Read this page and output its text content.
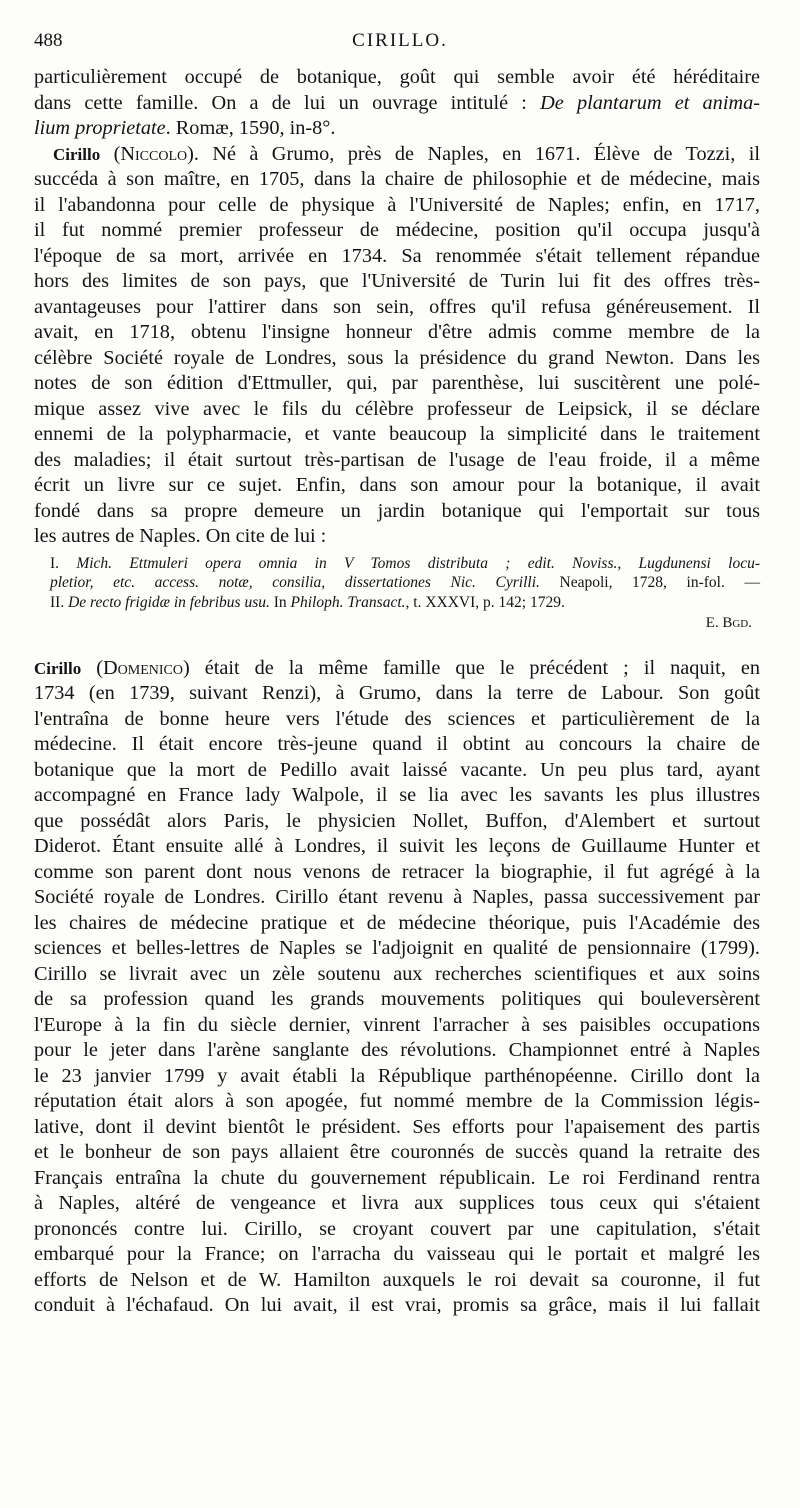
488	CIRILLO.

particulièrement occupé de botanique, goût qui semble avoir été héréditaire
dans cette famille. On a de lui un ouvrage intitulé : De plantarum et anima-
lium proprietate. Romæ, 1590, in-8°.

Cirillo (Niccolo). Né à Grumo, près de Naples, en 1671. Élève de Tozzi, il
succéda à son maître, en 1705, dans la chaire de philosophie et de médecine, mais
il l'abandonna pour celle de physique à l'Université de Naples; enfin, en 1717,
il fut nommé premier professeur de médecine, position qu'il occupa jusqu'à
l'époque de sa mort, arrivée en 1734. Sa renommée s'était tellement répandue
hors des limites de son pays, que l'Université de Turin lui fit des offres très-
avantageuses pour l'attirer dans son sein, offres qu'il refusa généreusement. Il
avait, en 1718, obtenu l'insigne honneur d'être admis comme membre de la
célèbre Société royale de Londres, sous la présidence du grand Newton. Dans les
notes de son édition d'Ettmuller, qui, par parenthèse, lui suscitèrent une polé-
mique assez vive avec le fils du célèbre professeur de Leipsick, il se déclare
ennemi de la polypharmacie, et vante beaucoup la simplicité dans le traitement
des maladies; il était surtout très-partisan de l'usage de l'eau froide, il a même
écrit un livre sur ce sujet. Enfin, dans son amour pour la botanique, il avait
fondé dans sa propre demeure un jardin botanique qui l'emportait sur tous
les autres de Naples. On cite de lui :

I. Mich. Ettmuleri opera omnia in V Tomos distributa ; edit. Noviss., Lugdunensi locu-
pletior, etc. access. notæ, consilia, dissertationes Nic. Cyrilli. Neapoli, 1728, in-fol. —
II. De recto frigidæ in febribus usu. In Philoph. Transact., t. XXXVI, p. 142; 1729.
E. Bgd.

Cirillo (Domenico) était de la même famille que le précédent ; il naquit, en
1734 (en 1739, suivant Renzi), à Grumo, dans la terre de Labour. Son goût
l'entraîna de bonne heure vers l'étude des sciences et particulièrement de la
médecine. Il était encore très-jeune quand il obtint au concours la chaire de
botanique que la mort de Pedillo avait laissé vacante. Un peu plus tard, ayant
accompagné en France lady Walpole, il se lia avec les savants les plus illustres
que possédât alors Paris, le physicien Nollet, Buffon, d'Alembert et surtout
Diderot. Étant ensuite allé à Londres, il suivit les leçons de Guillaume Hunter et
comme son parent dont nous venons de retracer la biographie, il fut agrégé à la
Société royale de Londres. Cirillo étant revenu à Naples, passa successivement par
les chaires de médecine pratique et de médecine théorique, puis l'Académie des
sciences et belles-lettres de Naples se l'adjoignit en qualité de pensionnaire (1799).
Cirillo se livrait avec un zèle soutenu aux recherches scientifiques et aux soins
de sa profession quand les grands mouvements politiques qui bouleversèrent
l'Europe à la fin du siècle dernier, vinrent l'arracher à ses paisibles occupations
pour le jeter dans l'arène sanglante des révolutions. Championnet entré à Naples
le 23 janvier 1799 y avait établi la République parthénopéenne. Cirillo dont la
réputation était alors à son apogée, fut nommé membre de la Commission légis-
lative, dont il devint bientôt le président. Ses efforts pour l'apaisement des partis
et le bonheur de son pays allaient être couronnés de succès quand la retraite des
Français entraîna la chute du gouvernement républicain. Le roi Ferdinand rentra
à Naples, altéré de vengeance et livra aux supplices tous ceux qui s'étaient
prononcés contre lui. Cirillo, se croyant couvert par une capitulation, s'était
embarqué pour la France; on l'arracha du vaisseau qui le portait et malgré les
efforts de Nelson et de W. Hamilton auxquels le roi devait sa couronne, il fut
conduit à l'échafaud. On lui avait, il est vrai, promis sa grâce, mais il lui fallait
